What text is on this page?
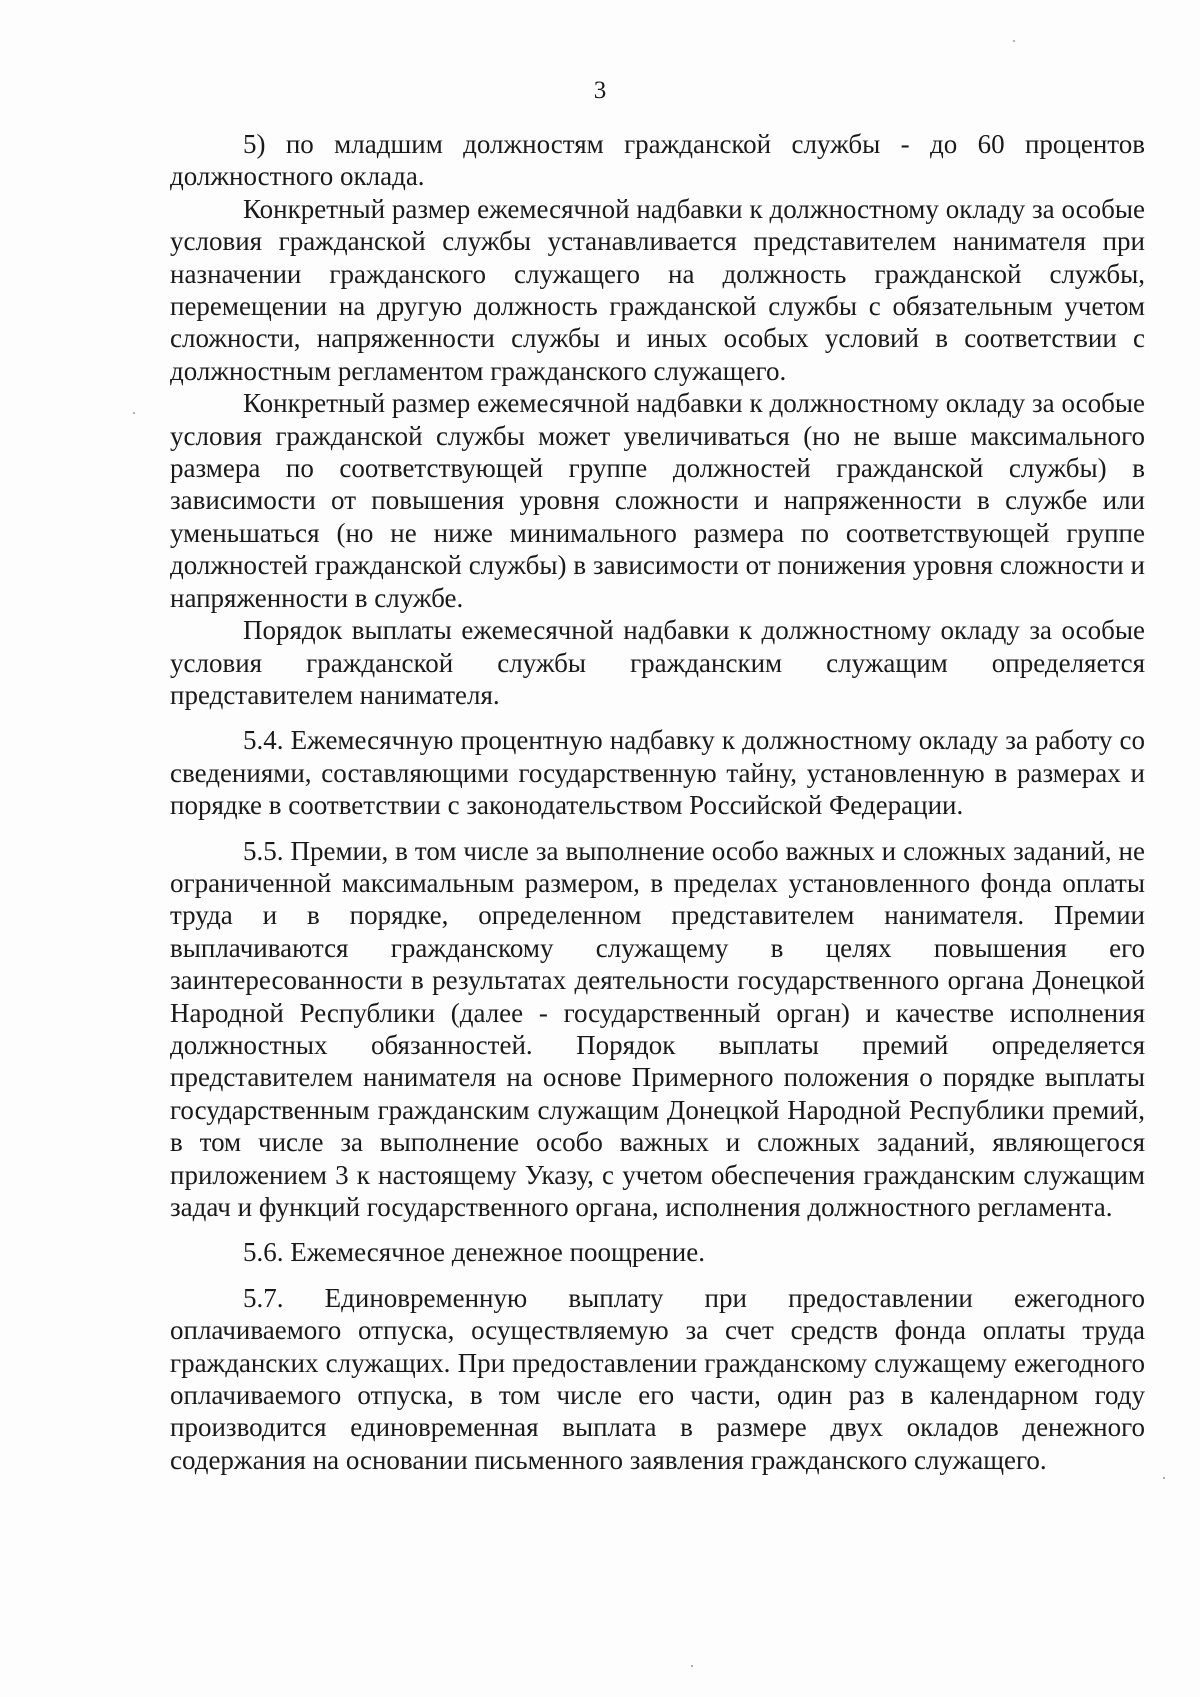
3

5) по младшим должностям гражданской службы - до 60 процентов должностного оклада.

Конкретный размер ежемесячной надбавки к должностному окладу за особые условия гражданской службы устанавливается представителем нанимателя при назначении гражданского служащего на должность гражданской службы, перемещении на другую должность гражданской службы с обязательным учетом сложности, напряженности службы и иных особых условий в соответствии с должностным регламентом гражданского служащего.

Конкретный размер ежемесячной надбавки к должностному окладу за особые условия гражданской службы может увеличиваться (но не выше максимального размера по соответствующей группе должностей гражданской службы) в зависимости от повышения уровня сложности и напряженности в службе или уменьшаться (но не ниже минимального размера по соответствующей группе должностей гражданской службы) в зависимости от понижения уровня сложности и напряженности в службе.

Порядок выплаты ежемесячной надбавки к должностному окладу за особые условия гражданской службы гражданским служащим определяется представителем нанимателя.

5.4. Ежемесячную процентную надбавку к должностному окладу за работу со сведениями, составляющими государственную тайну, установленную в размерах и порядке в соответствии с законодательством Российской Федерации.

5.5. Премии, в том числе за выполнение особо важных и сложных заданий, не ограниченной максимальным размером, в пределах установленного фонда оплаты труда и в порядке, определенном представителем нанимателя. Премии выплачиваются гражданскому служащему в целях повышения его заинтересованности в результатах деятельности государственного органа Донецкой Народной Республики (далее - государственный орган) и качестве исполнения должностных обязанностей. Порядок выплаты премий определяется представителем нанимателя на основе Примерного положения о порядке выплаты государственным гражданским служащим Донецкой Народной Республики премий, в том числе за выполнение особо важных и сложных заданий, являющегося приложением 3 к настоящему Указу, с учетом обеспечения гражданским служащим задач и функций государственного органа, исполнения должностного регламента.

5.6. Ежемесячное денежное поощрение.

5.7. Единовременную выплату при предоставлении ежегодного оплачиваемого отпуска, осуществляемую за счет средств фонда оплаты труда гражданских служащих. При предоставлении гражданскому служащему ежегодного оплачиваемого отпуска, в том числе его части, один раз в календарном году производится единовременная выплата в размере двух окладов денежного содержания на основании письменного заявления гражданского служащего.
